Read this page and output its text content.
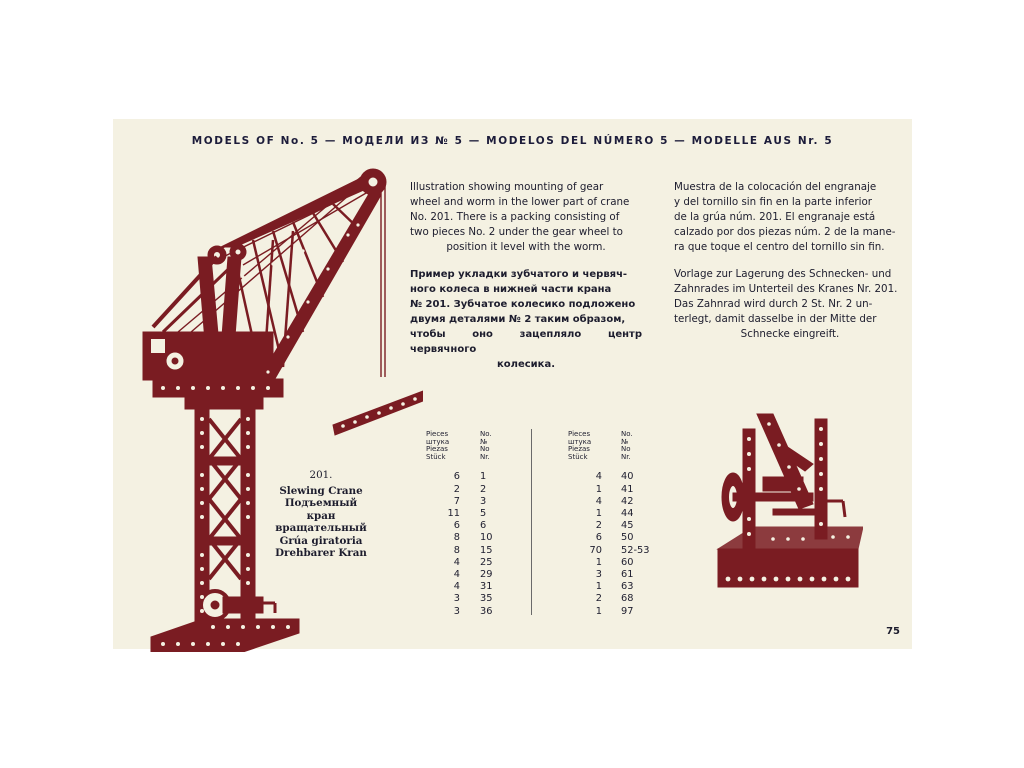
MODELS OF No. 5 — МОДЕЛИ ИЗ № 5 — MODELOS DEL NÚMERO 5 — MODELLE AUS Nr. 5
201.
Slewing Crane
Подъемный кран
вращательный
Grúa giratoria
Drehbarer Kran

Illustration showing mounting of gear

wheel and worm in the lower part of crane

No. 201. There is a packing consisting of

two pieces No. 2 under the gear wheel to

position it level with the worm.

Пример укладки зубчатого и червяч-

ного колеса в нижней части крана

№ 201. Зубчатое колесико подложено

двумя деталями № 2 таким образом,

чтобы оно зацепляло центр червячного

колесика.

Muestra de la colocación del engranaje

y del tornillo sin fin en la parte inferior

de la grúa núm. 201. El engranaje está

calzado por dos piezas núm. 2 de la mane-

ra que toque el centro del tornillo sin fin.

Vorlage zur Lagerung des Schnecken- und

Zahnrades im Unterteil des Kranes Nr. 201.

Das Zahnrad wird durch 2 St. Nr. 2 un-

terlegt, damit dasselbe in der Mitte der

Schnecke eingreift.

Pieces
штука
Piezas
Stück
6
2
7
11
6
8
8
4
4
4
3
3
No.
№
No
Nr.
1
2
3
5
6
10
15
25
29
31
35
36
Pieces
штука
Piezas
Stück
4
1
4
1
2
6
70
1
3
1
2
1
No.
№
No
Nr.
40
41
42
44
45
50
52-53
60
61
63
68
97
75
